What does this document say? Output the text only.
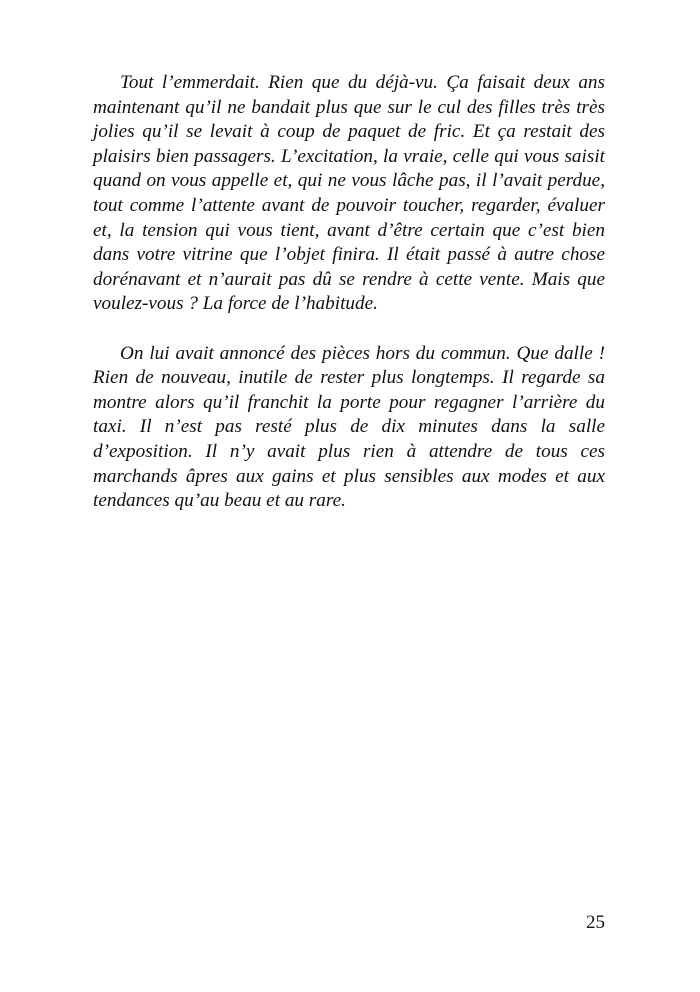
Tout l’emmerdait. Rien que du déjà-vu. Ça faisait deux ans maintenant qu’il ne bandait plus que sur le cul des filles très très jolies qu’il se levait à coup de paquet de fric. Et ça restait des plaisirs bien passagers. L’excitation, la vraie, celle qui vous saisit quand on vous appelle et, qui ne vous lâche pas, il l’avait perdue, tout comme l’attente avant de pouvoir toucher, regarder, évaluer et, la tension qui vous tient, avant d’être certain que c’est bien dans votre vitrine que l’objet finira. Il était passé à autre chose dorénavant et n’aurait pas dû se rendre à cette vente. Mais que voulez-vous ? La force de l’habitude.

On lui avait annoncé des pièces hors du commun. Que dalle ! Rien de nouveau, inutile de rester plus longtemps. Il regarde sa montre alors qu’il franchit la porte pour regagner l’arrière du taxi. Il n’est pas resté plus de dix minutes dans la salle d’exposition. Il n’y avait plus rien à attendre de tous ces marchands âpres aux gains et plus sensibles aux modes et aux tendances qu’au beau et au rare.

25
